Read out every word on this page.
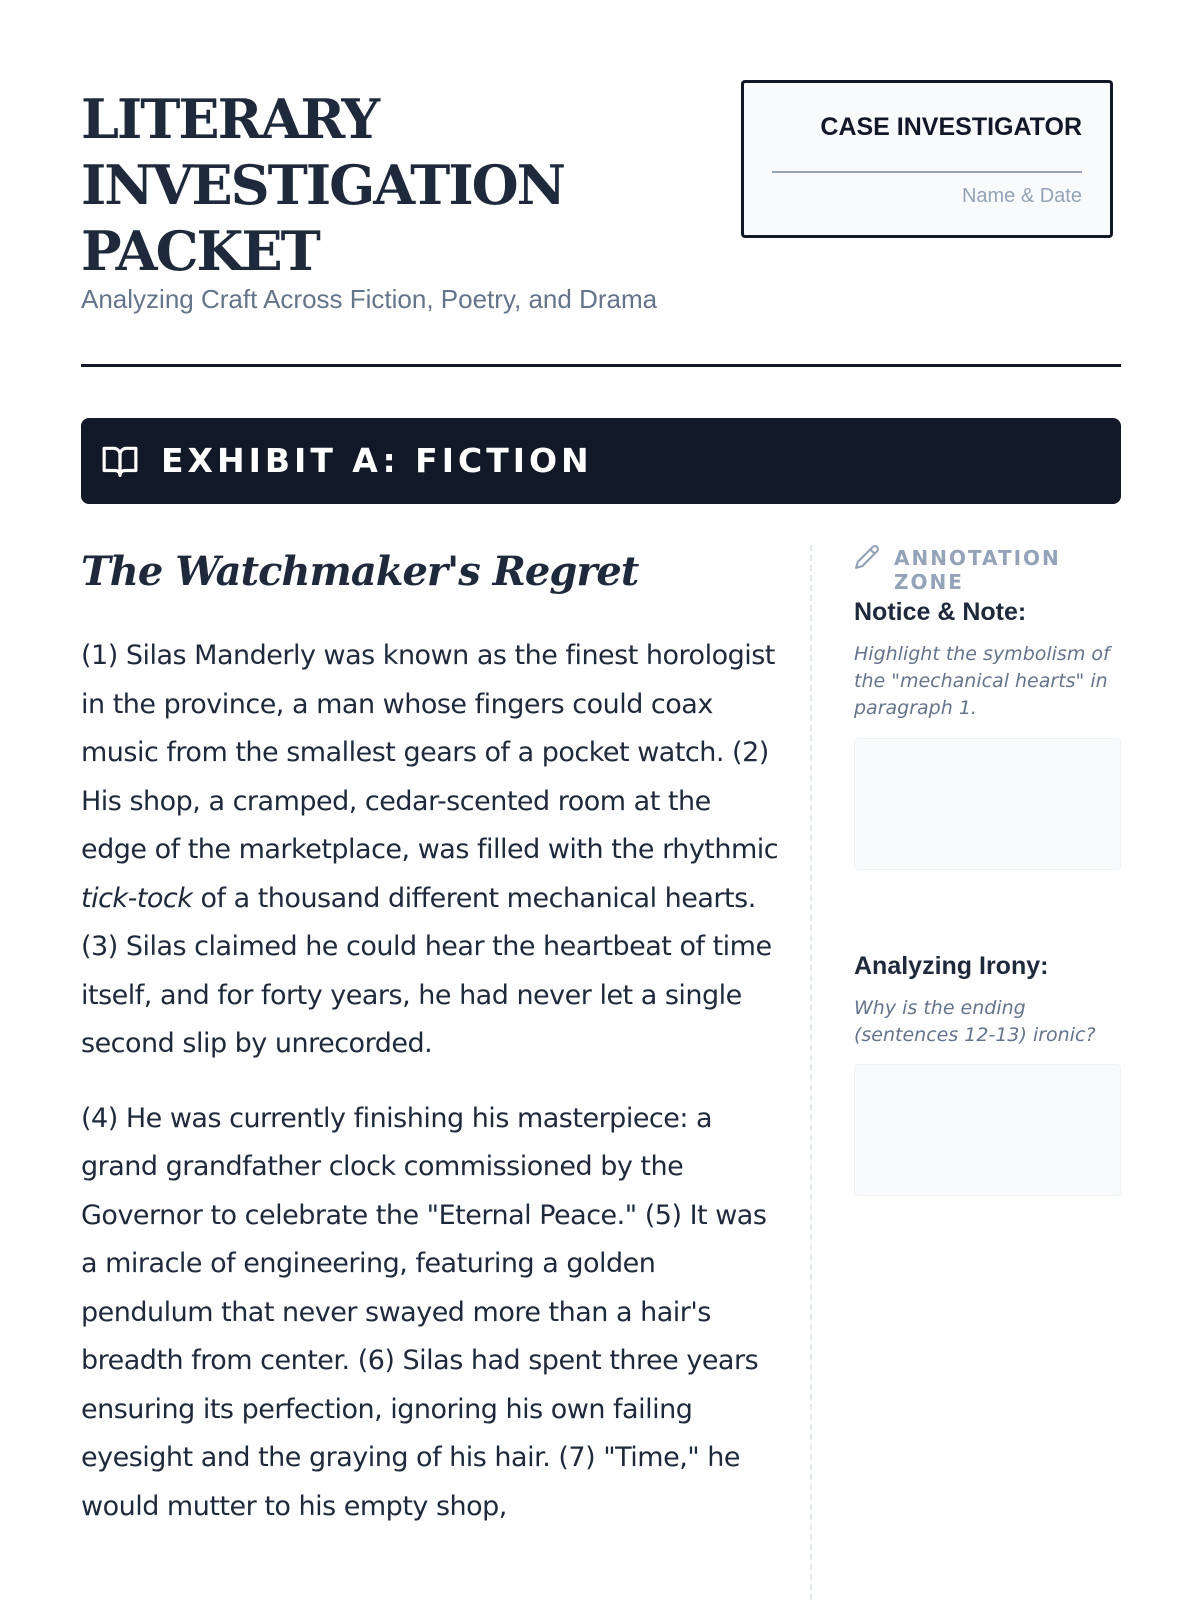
LITERARY
INVESTIGATION
PACKET

Analyzing Craft Across Fiction, Poetry, and Drama

CASE INVESTIGATOR
Name & Date
EXHIBIT A: FICTION
The Watchmaker's Regret

(1) Silas Manderly was known as the finest horologist in the province, a man whose fingers could coax music from the smallest gears of a pocket watch. (2) His shop, a cramped, cedar-scented room at the edge of the marketplace, was filled with the rhythmic tick-tock of a thousand different mechanical hearts. (3) Silas claimed he could hear the heartbeat of time itself, and for forty years, he had never let a single second slip by unrecorded.

(4) He was currently finishing his masterpiece: a grand grandfather clock commissioned by the Governor to celebrate the "Eternal Peace." (5) It was a miracle of engineering, featuring a golden pendulum that never swayed more than a hair's breadth from center. (6) Silas had spent three years ensuring its perfection, ignoring his own failing eyesight and the graying of his hair. (7) "Time," he would mutter to his empty shop,

ANNOTATION ZONE

Notice & Note:

Highlight the symbolism of the "mechanical hearts" in paragraph 1.

Analyzing Irony:

Why is the ending (sentences 12-13) ironic?
